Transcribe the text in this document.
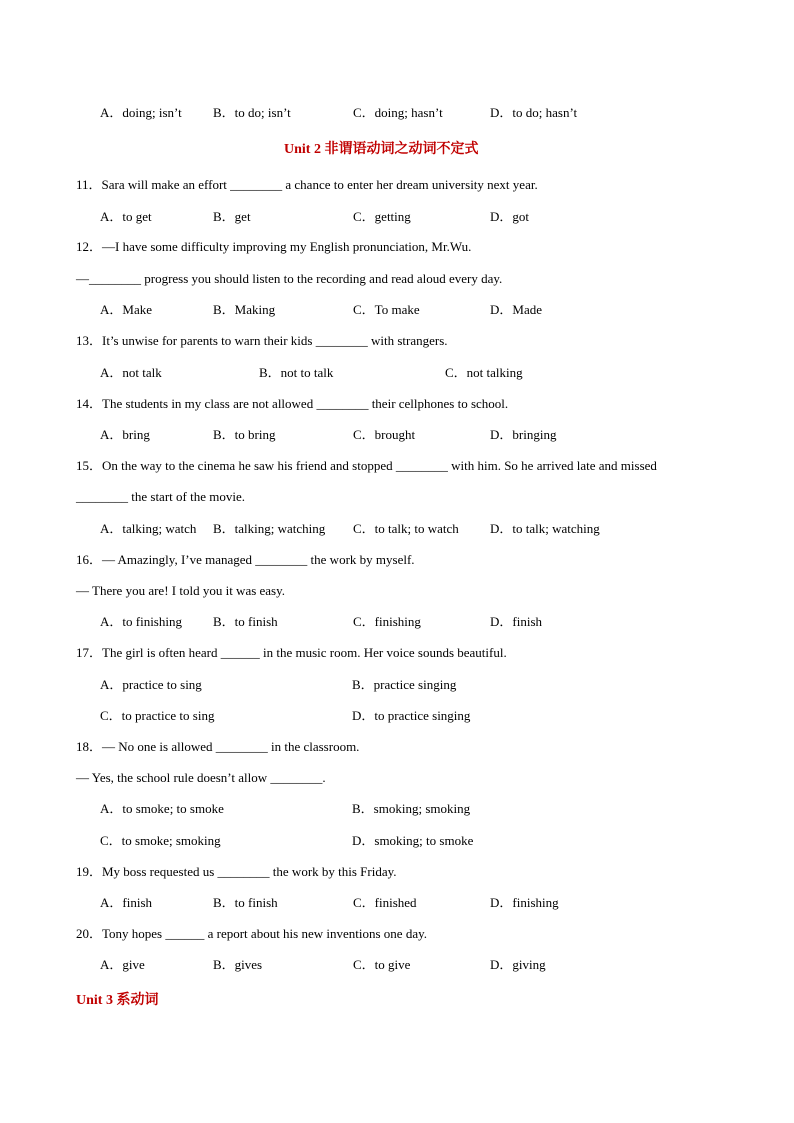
A．doing; isn’t B．to do; isn’t	C．doing; hasn’t	D．to do; hasn’t
Unit 2 非谓语动词之动词不定式
11．Sara will make an effort ________ a chance to enter her dream university next year.
A．to get	B．get	C．getting	D．got
12．—I have some difficulty improving my English pronunciation, Mr.Wu.
—________ progress you should listen to the recording and read aloud every day.
A．Make	B．Making	C．To make	D．Made
13．It’s unwise for parents to warn their kids ________ with strangers.
A．not talk	B．not to talk	C．not talking
14．The students in my class are not allowed ________ their cellphones to school.
A．bring	B．to bring	C．brought	D．bringing
15．On the way to the cinema he saw his friend and stopped ________ with him. So he arrived late and missed
________ the start of the movie.
A．talking; watch B．talking; watching C．to talk; to watch D．to talk; watching
16．— Amazingly, I’ve managed ________ the work by myself.
— There you are! I told you it was easy.
A．to finishing B．to finish	C．finishing	D．finish
17．The girl is often heard ______ in the music room. Her voice sounds beautiful.
A．practice to sing	B．practice singing
C．to practice to sing	D．to practice singing
18．— No one is allowed ________ in the classroom.
— Yes, the school rule doesn’t allow ________.
A．to smoke; to smoke	B．smoking; smoking
C．to smoke; smoking	D．smoking; to smoke
19．My boss requested us ________ the work by this Friday.
A．finish	B．to finish	C．finished	D．finishing
20．Tony hopes ______ a report about his new inventions one day.
A．give	B．gives	C．to give	D．giving
Unit 3 系动词
